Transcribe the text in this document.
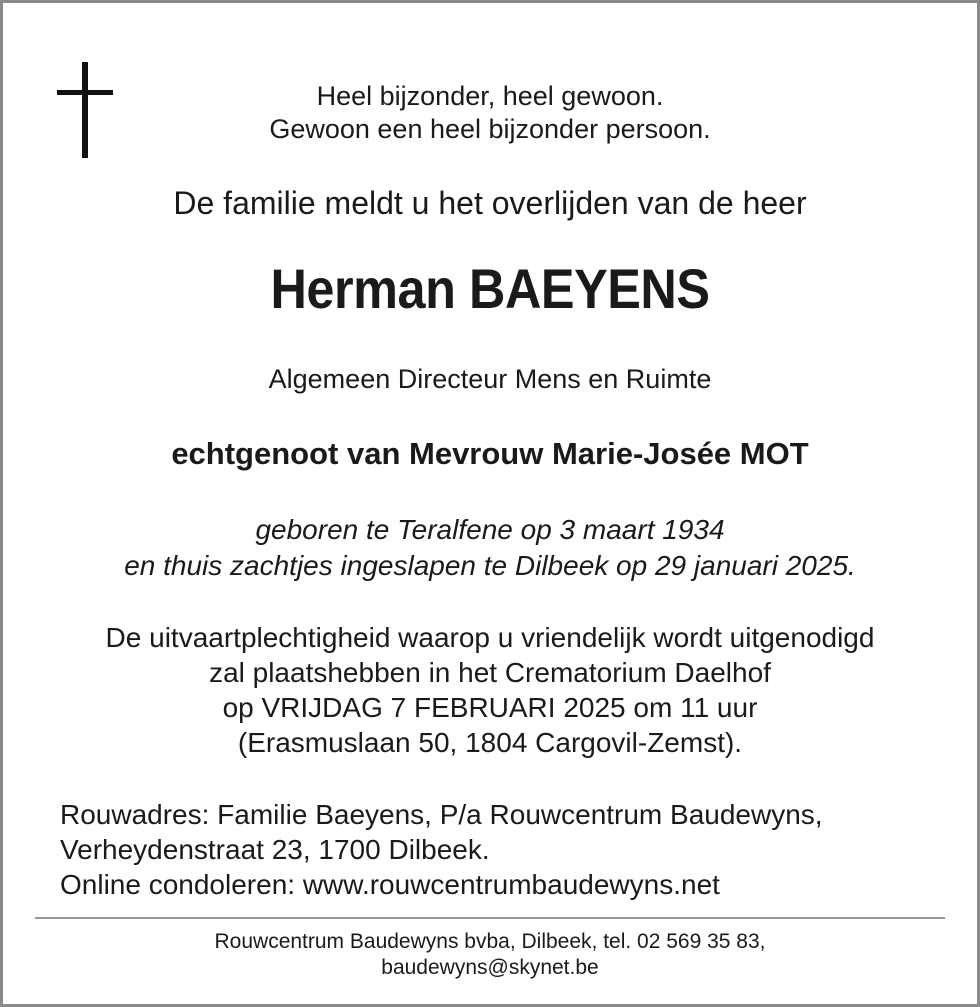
Heel bijzonder, heel gewoon.
Gewoon een heel bijzonder persoon.
De familie meldt u het overlijden van de heer
Herman BAEYENS
Algemeen Directeur Mens en Ruimte
echtgenoot van Mevrouw Marie-Josée MOT
geboren te Teralfene op 3 maart 1934
en thuis zachtjes ingeslapen te Dilbeek op 29 januari 2025.
De uitvaartplechtigheid waarop u vriendelijk wordt uitgenodigd
zal plaatshebben in het Crematorium Daelhof
op VRIJDAG 7 FEBRUARI 2025 om 11 uur
(Erasmuslaan 50, 1804 Cargovil-Zemst).
Rouwadres: Familie Baeyens, P/a Rouwcentrum Baudewyns,
Verheydenstraat 23, 1700 Dilbeek.
Online condoleren: www.rouwcentrumbaudewyns.net
Rouwcentrum Baudewyns bvba, Dilbeek, tel. 02 569 35 83,
baudewyns@skynet.be
